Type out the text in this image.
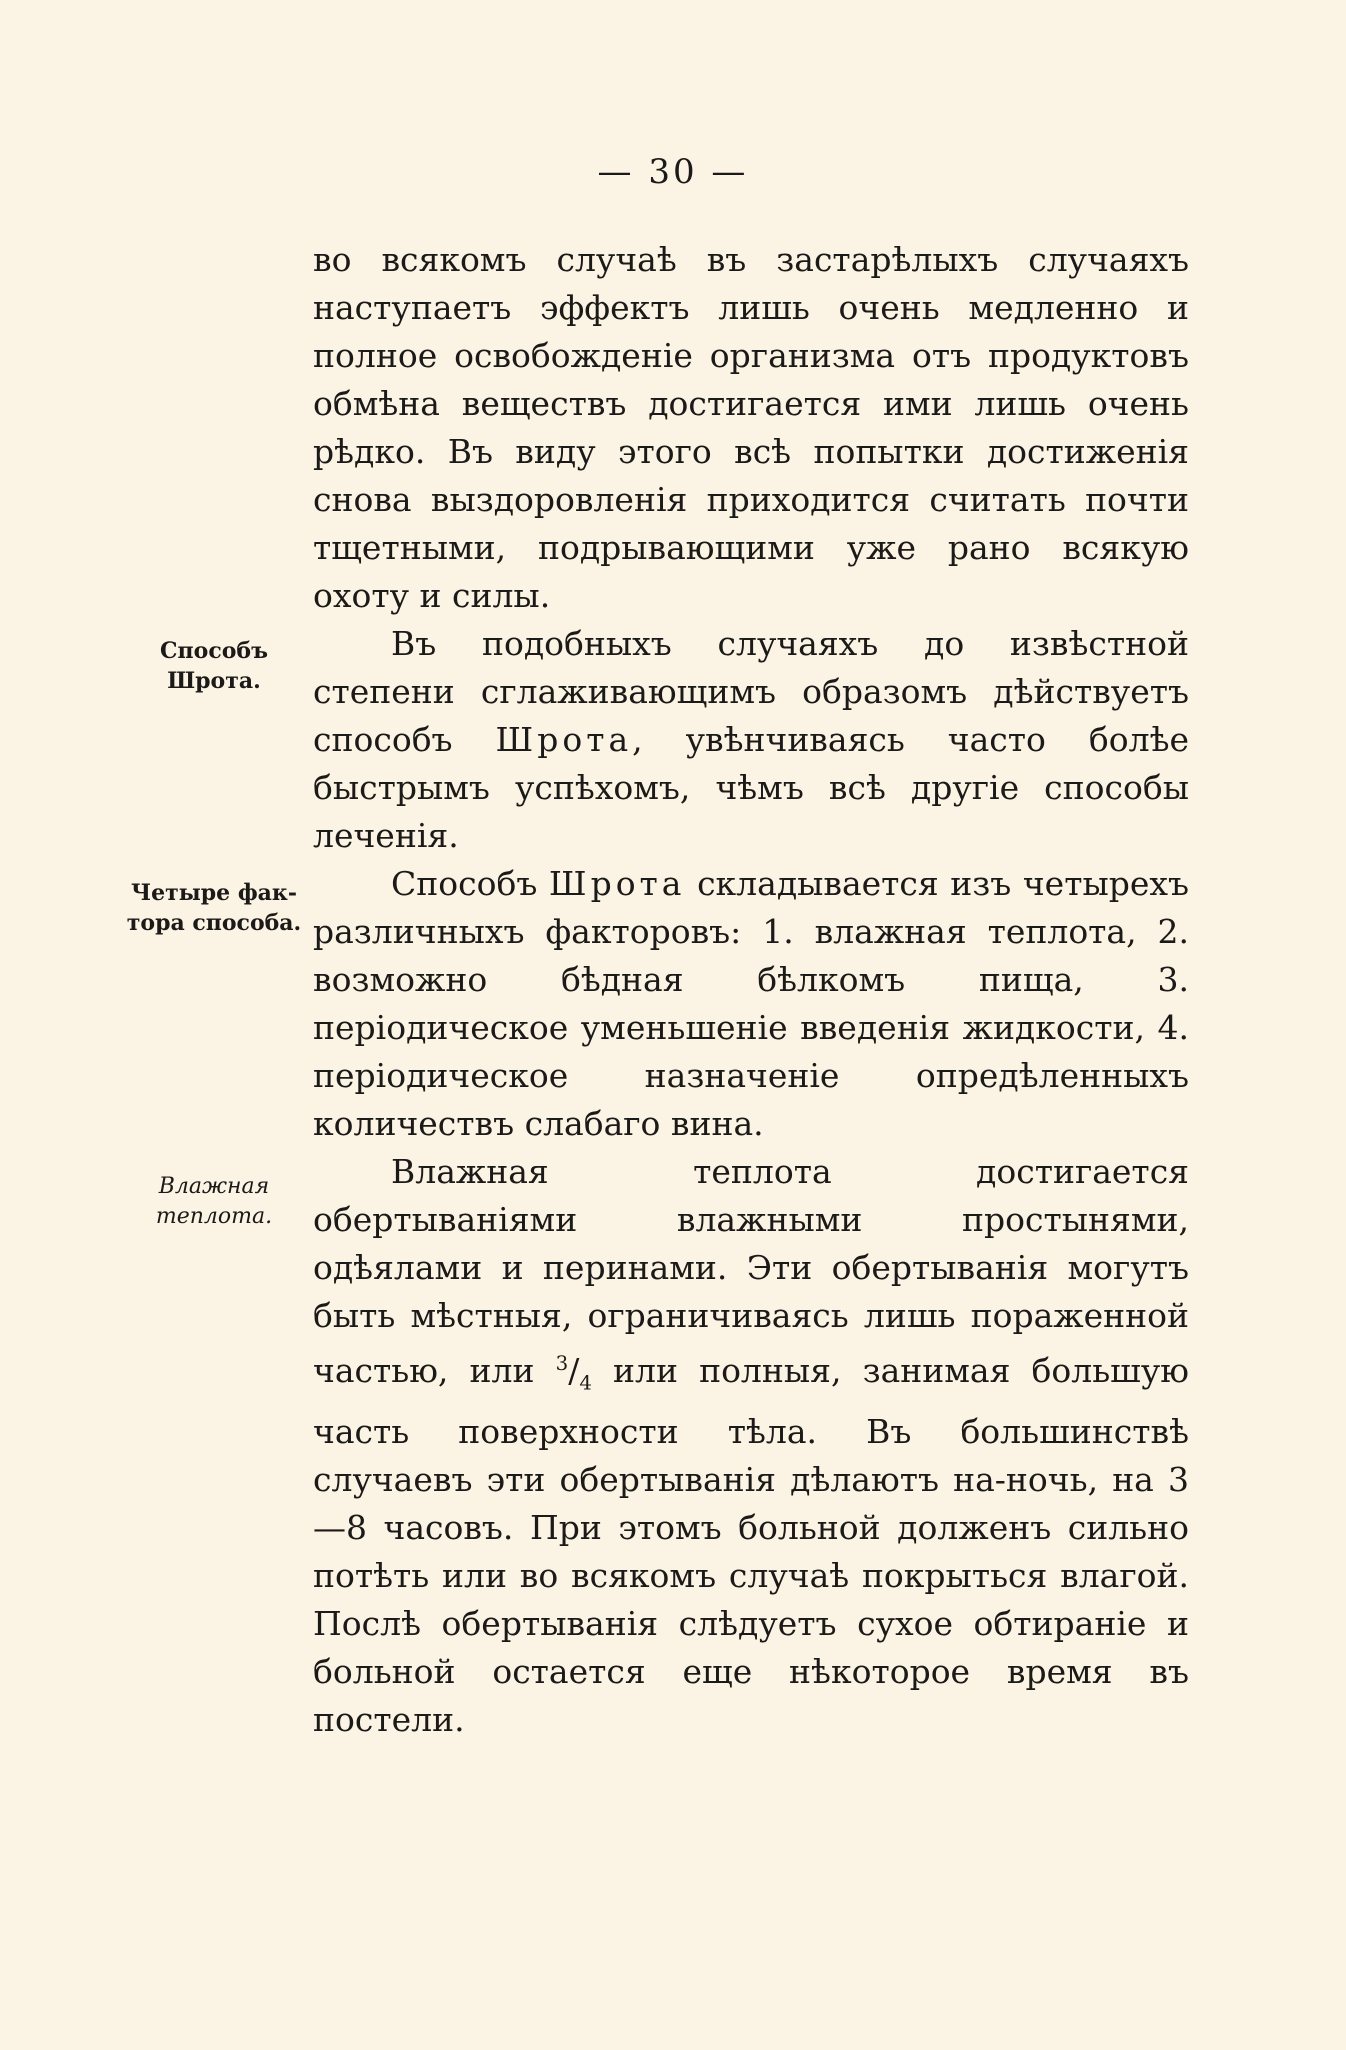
— 30 —
Способъ
Шрота.
Четыре фак-
тора способа.
Влажная
теплота.

во всякомъ случаѣ въ застарѣлыхъ случаяхъ наступаетъ эффектъ лишь очень медленно и полное освобожденіе организма отъ продуктовъ обмѣна веществъ достигается ими лишь очень рѣдко. Въ виду этого всѣ попытки достиженія снова выздоровленія приходится считать почти тщетными, подрывающими уже рано всякую охоту и силы.

Въ подобныхъ случаяхъ до извѣстной степени сглаживающимъ образомъ дѣйствуетъ способъ Шрота, увѣнчиваясь часто болѣе быстрымъ успѣхомъ, чѣмъ всѣ другіе способы леченія.

Способъ Шрота складывается изъ четырехъ различныхъ факторовъ: 1. влажная теплота, 2. возможно бѣдная бѣлкомъ пища, 3. періодическое уменьшеніе введенія жидкости, 4. періодическое назначеніе опредѣленныхъ количествъ слабаго вина.

Влажная теплота достигается обертываніями влажными простынями, одѣялами и перинами. Эти обертыванія могутъ быть мѣстныя, ограничиваясь лишь пораженной частью, или $^3/_4$ или полныя, занимая большую часть поверхности тѣла. Въ большинствѣ случаевъ эти обертыванія дѣлаютъ на-ночь, на 3—8 часовъ. При этомъ больной долженъ сильно потѣть или во всякомъ случаѣ покрыться влагой. Послѣ обертыванія слѣдуетъ сухое обтираніе и больной остается еще нѣкоторое время въ постели.
